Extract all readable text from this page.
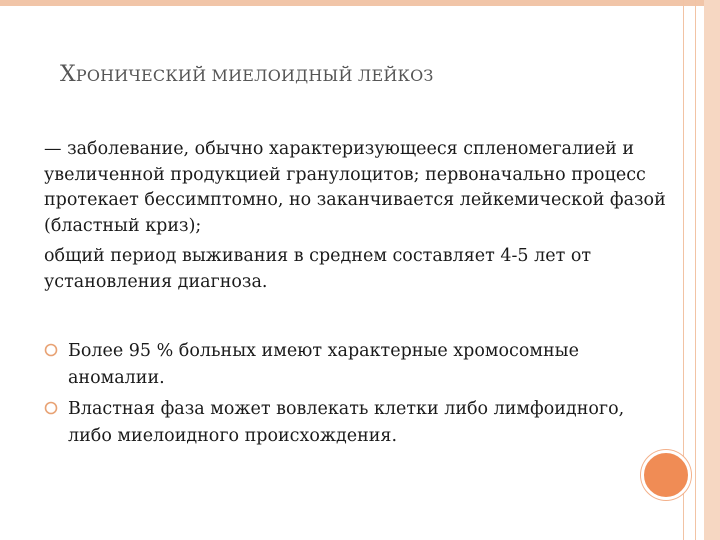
ХРОНИЧЕСКИЙ МИЕЛОИДНЫЙ ЛЕЙКОЗ
— заболевание, обычно характеризующееся спленомегалией и увеличенной продукцией гранулоцитов; первоначально процесс протекает бессимптомно, но заканчивается лейкемической фазой (бластный криз);
общий период выживания в среднем составляет 4-5 лет от установления диагноза.
Более 95 % больных имеют характерные хромосомные аномалии.
Властная фаза может вовлекать клетки либо лимфоидного, либо миелоидного происхождения.
